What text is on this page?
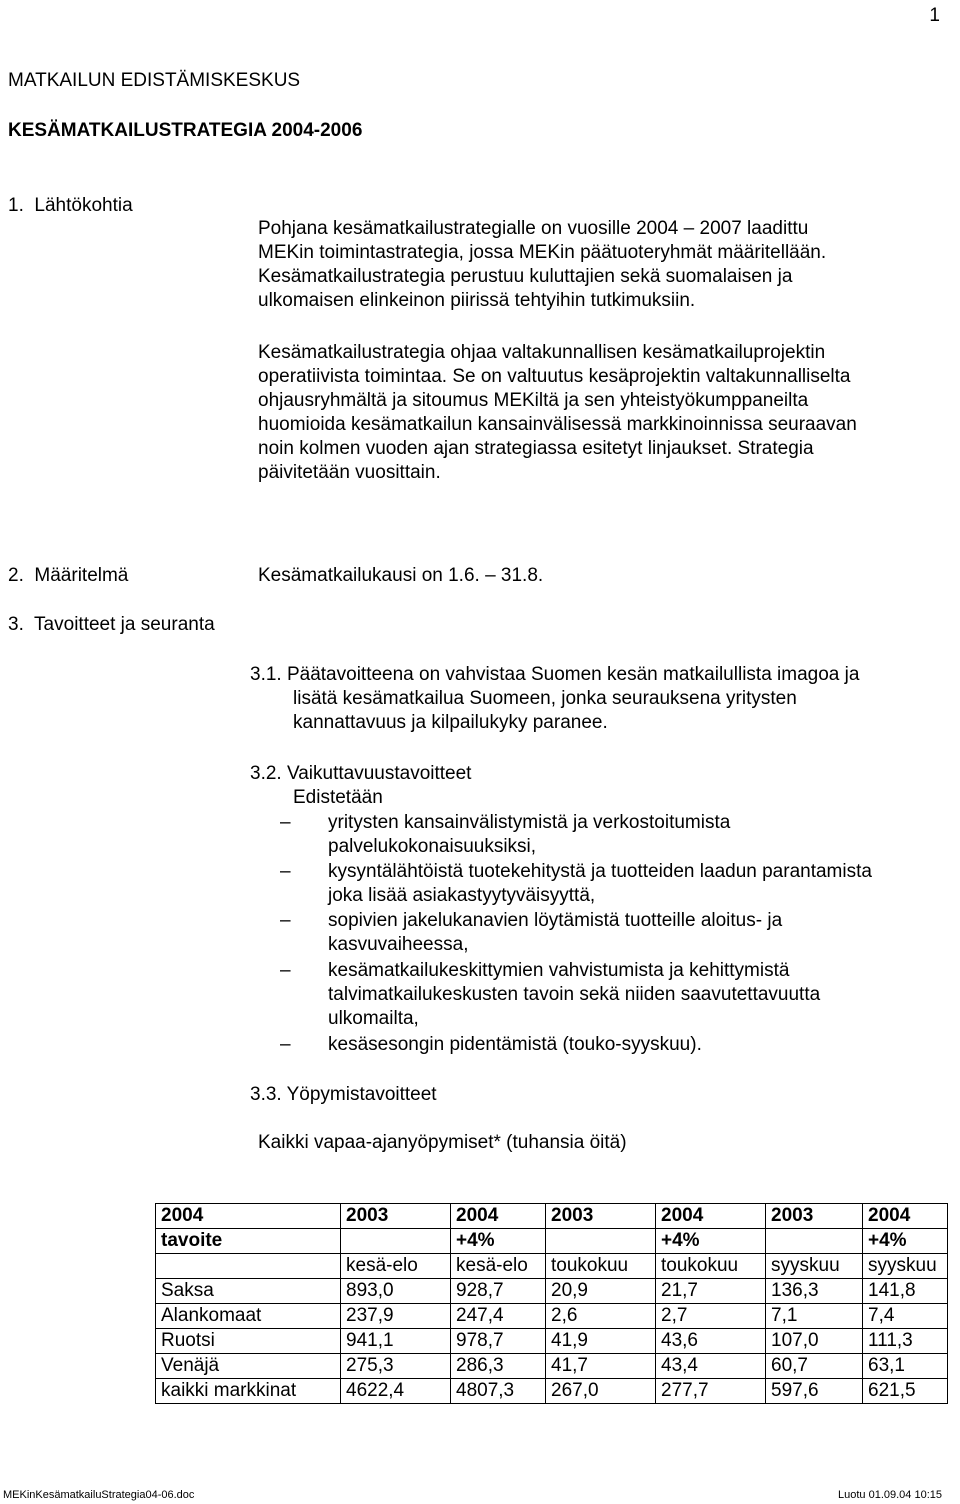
1
MATKAILUN EDISTÄMISKESKUS
KESÄMATKAILUSTRATEGIA 2004-2006
1.  Lähtökohtia
Pohjana kesämatkailustrategialle on vuosille 2004 – 2007 laadittu
MEKin toimintastrategia, jossa MEKin päätuoteryhmät määritellään.
Kesämatkailustrategia perustuu kuluttajien sekä suomalaisen ja
ulkomaisen elinkeinon piirissä tehtyihin tutkimuksiin.
Kesämatkailustrategia ohjaa valtakunnallisen kesämatkailuprojektin
operatiivista toimintaa. Se on valtuutus kesäprojektin valtakunnalliselta
ohjausryhmältä ja sitoumus MEKiltä ja sen yhteistyökumppaneilta
huomioida kesämatkailun kansainvälisessä markkinoinnissa seuraavan
noin kolmen vuoden ajan strategiassa esitetyt linjaukset. Strategia
päivitetään vuosittain.
2.  Määritelmä	Kesämatkailukausi on 1.6. – 31.8.
3.  Tavoitteet ja seuranta
3.1. Päätavoitteena on vahvistaa Suomen kesän matkailullista imagoa ja
lisätä kesämatkailua Suomeen, jonka seurauksena yritysten
kannattavuus ja kilpailukyky paranee.
3.2. Vaikuttavuustavoitteet
Edistetään
– yritysten kansainvälistymistä ja verkostoitumista
palvelukokonaisuuksiksi,
– kysyntälähtöistä tuotekehitystä ja tuotteiden laadun parantamista
joka lisää asiakastyytyväisyyttä,
– sopivien jakelukanavien löytämistä tuotteille aloitus- ja
kasvuvaiheessa,
– kesämatkailukeskittymien vahvistumista ja kehittymistä
talvimatkailukeskusten tavoin sekä niiden saavutettavuutta
ulkomailta,
– kesäsesongin pidentämistä (touko-syyskuu).
3.3. Yöpymistavoitteet
Kaikki vapaa-ajanyöpymiset* (tuhansia öitä)
2004	2003	2004	2003	2004	2003	2004
tavoite		+4%		+4%		+4%
	kesä-elo	kesä-elo	toukokuu	toukokuu	syyskuu	syyskuu
Saksa	893,0	928,7	20,9	21,7	136,3	141,8
Alankomaat	237,9	247,4	2,6	2,7	7,1	7,4
Ruotsi	941,1	978,7	41,9	43,6	107,0	111,3
Venäjä	275,3	286,3	41,7	43,4	60,7	63,1
kaikki markkinat	4622,4	4807,3	267,0	277,7	597,6	621,5
MEKinKesämatkailuStrategia04-06.doc	Luotu 01.09.04 10:15
